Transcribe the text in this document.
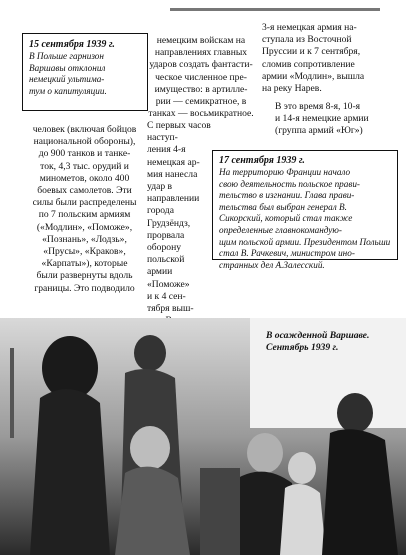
15 сентября 1939 г.
В Польше гарнизон
Варшавы отклонил
немецкий ультима-
тум о капитуляции.
человек (включая бойцов
национальной обороны),
до 900 танков и танке-
ток, 4,3 тыс. орудий и
минометов, около 400
боевых самолетов. Эти
силы были распределены
по 7 польским армиям
(«Модлин», «Поможе»,
«Познань», «Лодзь»,
«Прусы», «Краков»,
«Карпаты»), которые
были развернуты вдоль
границы. Это подводило
немецким войскам на
направлениях главных
ударов создать фантасти-
ческое численное пре-
имущество: в артилле-
рии — семикратное, в
танках — восьмикратное.
С первых часов наступ-
ления 4-я немецкая ар-
мия нанесла
удар в
направлении города
Грудзёндз,
прорвала
оборону
польской
армии
«Поможе»
и к 4 сен-
тября выш-

3-я немецкая армия на-
ступала из Восточной
Пруссии и к 7 сентября,
сломив сопротивление
армии «Модлин», вышла
на реку Нарев.
В это время 8-я, 10-я
и 14-я немецкие армии
(группа армий «Юг»)
17 сентября 1939 г.
На территорию Франции начало
свою деятельность польское прави-
тельство в изгнании. Глава прави-
тельства был выбран генерал В.
Сикорский, который стал также
определенные главнокомандую-
щим польской армии. Президентом Польши
стал В. Рачкевич, министром ино-
странных дел А.Залесский.
В осажденной Варшаве.
Сентябрь 1939 г.
